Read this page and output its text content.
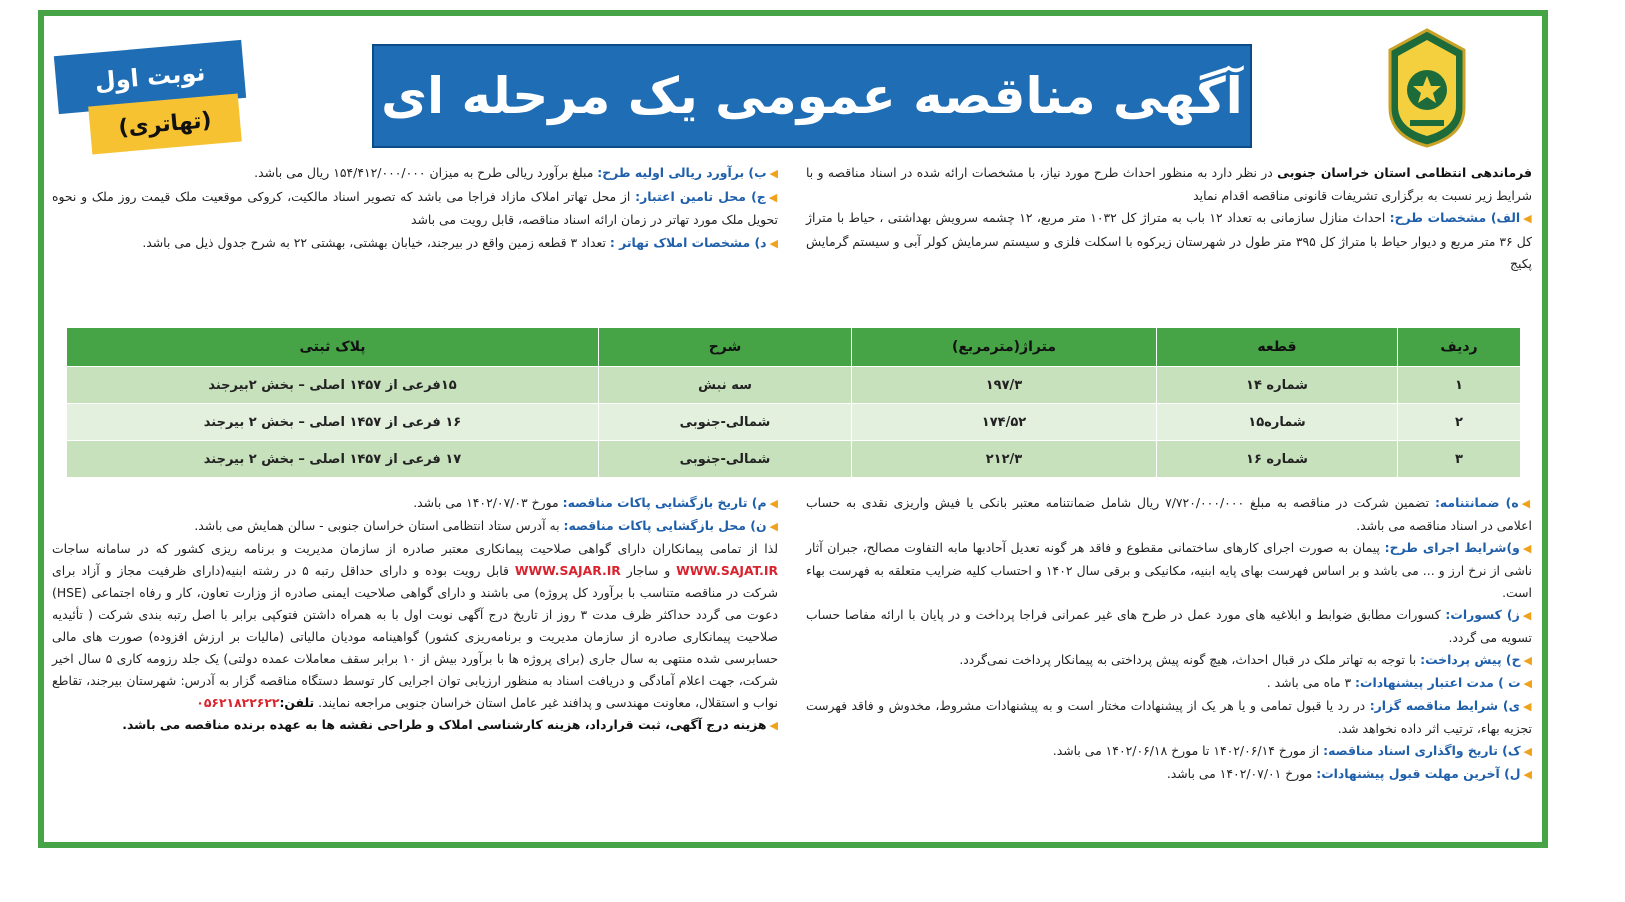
آگهی مناقصه عمومی یک مرحله ای
نوبت اول
(تهاتری)

فرماندهی انتظامی استان خراسان جنوبی در نظر دارد به منظور احداث طرح مورد نیاز، با مشخصات ارائه شده در اسناد مناقصه و با شرایط زیر نسبت به برگزاری تشریفات قانونی مناقصه اقدام نماید

◀الف) مشخصات طرح: احداث منازل سازمانی به تعداد ۱۲ باب به متراژ کل ۱۰۳۲ متر مربع، ۱۲ چشمه سرویش بهداشتی ، حیاط با متراژ کل ۳۶ متر مربع و دیوار حیاط با متراژ کل ۳۹۵ متر طول در شهرستان زیرکوه با اسکلت فلزی و سیستم سرمایش کولر آبی و سیستم گرمایش پکیج

◀ب) برآورد ریالی اولیه طرح: مبلغ برآورد ریالی طرح به میزان ۱۵۴/۴۱۲/۰۰۰/۰۰۰ ریال می باشد.

◀ج) محل تامین اعتبار: از محل تهاتر املاک مازاد فراجا می باشد که تصویر اسناد مالکیت، کروکی موقعیت ملک قیمت روز ملک و نحوه تحویل ملک مورد تهاتر در زمان ارائه اسناد مناقصه، قابل رویت می باشد

◀د) مشخصات املاک تهاتر : تعداد ۳ قطعه زمین واقع در بیرجند، خیابان بهشتی، بهشتی ۲۲ به شرح جدول ذیل می باشد.

ردیف	قطعه	متراژ(مترمربع)	شرح	پلاک ثبتی
۱	شماره ۱۴	۱۹۷/۳	سه نبش	۱۵فرعی از ۱۴۵۷ اصلی – بخش ۲بیرجند
۲	شماره۱۵	۱۷۴/۵۲	شمالی-جنوبی	۱۶ فرعی از ۱۴۵۷ اصلی – بخش ۲ بیرجند
۳	شماره ۱۶	۲۱۲/۳	شمالی-جنوبی	۱۷ فرعی از ۱۴۵۷ اصلی – بخش ۲ بیرجند

◀ه) ضمانتنامه: تضمین شرکت در مناقصه به مبلغ ۷/۷۲۰/۰۰۰/۰۰۰ ریال شامل ضمانتنامه معتبر بانکی یا فیش واریزی نقدی به حساب اعلامی در اسناد مناقصه می باشد.

◀و)شرایط اجرای طرح: پیمان به صورت اجرای کارهای ساختمانی مقطوع و فاقد هر گونه تعدیل آحادبها مابه التفاوت مصالح، جبران آثار ناشی از نرخ ارز و ... می باشد و بر اساس فهرست بهای پایه ابنیه، مکانیکی و برقی سال ۱۴۰۲ و احتساب کلیه ضرایب متعلقه به فهرست بهاء است.

◀ز) کسورات: کسورات مطابق ضوابط و ابلاغیه های مورد عمل در طرح های غیر عمرانی فراجا پرداخت و در پایان با ارائه مفاصا حساب تسویه می گردد.

◀ح) پیش پرداخت: با توجه به تهاتر ملک در قبال احداث، هیچ گونه پیش پرداختی به پیمانکار پرداخت نمی‌گردد.

◀ت ) مدت اعتبار پیشنهادات: ۳ ماه می باشد .

◀ی) شرایط مناقصه گزار: در رد یا قبول تمامی و یا هر یک از پیشنهادات مختار است و به پیشنهادات مشروط، مخدوش و فاقد فهرست تجزیه بهاء، ترتیب اثر داده نخواهد شد.

◀ک) تاریخ واگذاری اسناد مناقصه: از مورخ ۱۴۰۲/۰۶/۱۴ تا مورخ ۱۴۰۲/۰۶/۱۸ می باشد.

◀ل) آخرین مهلت قبول پیشنهادات: مورخ ۱۴۰۲/۰۷/۰۱ می باشد.

◀م) تاریخ بازگشایی پاکات مناقصه: مورخ ۱۴۰۲/۰۷/۰۳ می باشد.

◀ن) محل بازگشایی پاکات مناقصه: به آدرس ستاد انتظامی استان خراسان جنوبی - سالن همایش می باشد.

لذا از تمامی پیمانکاران دارای گواهی صلاحیت پیمانکاری معتبر صادره از سازمان مدیریت و برنامه ریزی کشور که در سامانه ساجات WWW.SAJAT.IR و ساجار WWW.SAJAR.IR قابل رویت بوده و دارای حداقل رتبه ۵ در رشته ابنیه(دارای ظرفیت مجاز و آزاد برای شرکت در مناقصه متناسب با برآورد کل پروژه) می باشند و دارای گواهی صلاحیت ایمنی صادره از وزارت تعاون، کار و رفاه اجتماعی (HSE) دعوت می گردد حداکثر ظرف مدت ۳ روز از تاریخ درج آگهی نوبت اول با به همراه داشتن فتوکپی برابر با اصل رتبه بندی شرکت ( تأئیدیه صلاحیت پیمانکاری صادره از سازمان مدیریت و برنامه‌ریزی کشور) گواهینامه مودیان مالیاتی (مالیات بر ارزش افزوده) صورت های مالی حسابرسی شده منتهی به سال جاری (برای پروژه ها با برآورد بیش از ۱۰ برابر سقف معاملات عمده دولتی) یک جلد رزومه کاری ۵ سال اخیر شرکت، جهت اعلام آمادگی و دریافت اسناد به منظور ارزیابی توان اجرایی کار توسط دستگاه مناقصه گزار به آدرس: شهرستان بیرجند، تقاطع نواب و استقلال، معاونت مهندسی و پدافند غیر عامل استان خراسان جنوبی مراجعه نمایند. تلفن:۰۵۶۲۱۸۲۲۶۲۲

◀هزینه درج آگهی، ثبت قرارداد، هزینه کارشناسی املاک و طراحی نقشه ها به عهده برنده مناقصه می باشد.
